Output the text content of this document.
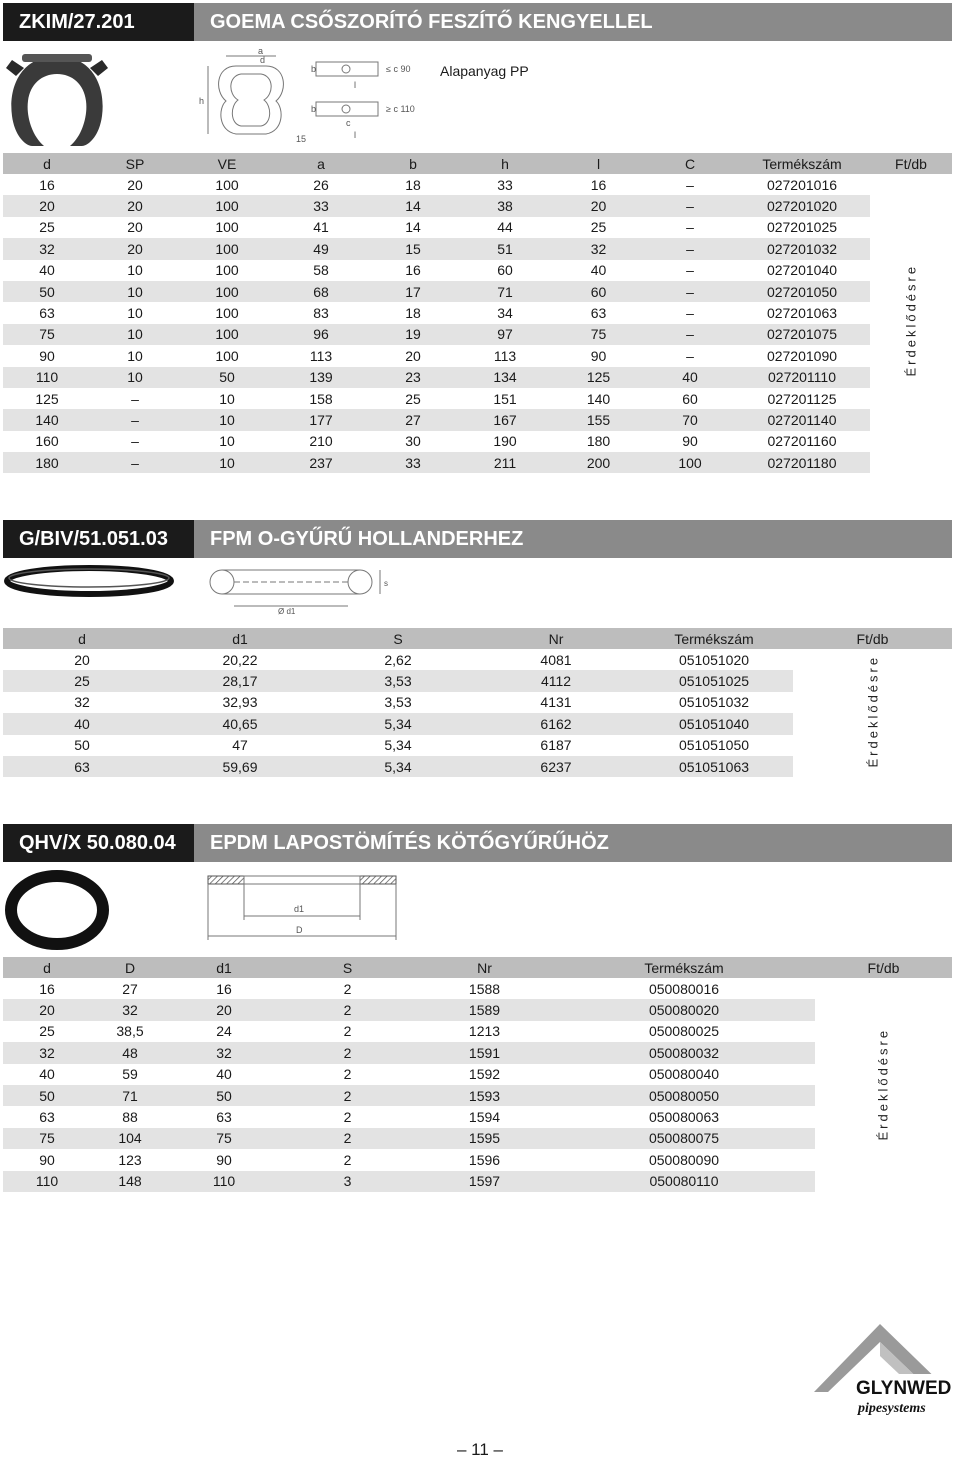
ZKIM/27.201	GOEMA CSŐSZORÍTÓ FESZÍTŐ KENGYELLEL
a
d
h
b
b
≤ c 90
≥ c 110
l
c
l
15
Alapanyag PP
d	SP	VE	a	b	h	l	C	Termékszám	Ft/db
16	20	100	26	18	33	16	–	027201016	
20	20	100	33	14	38	20	–	027201020	
25	20	100	41	14	44	25	–	027201025	
32	20	100	49	15	51	32	–	027201032	
40	10	100	58	16	60	40	–	027201040	
50	10	100	68	17	71	60	–	027201050	
63	10	100	83	18	34	63	–	027201063	
75	10	100	96	19	97	75	–	027201075	
90	10	100	113	20	113	90	–	027201090	
110	10	50	139	23	134	125	40	027201110	
125	–	10	158	25	151	140	60	027201125	
140	–	10	177	27	167	155	70	027201140	
160	–	10	210	30	190	180	90	027201160	
180	–	10	237	33	211	200	100	027201180	
Érdeklődésre
G/BIV/51.051.03	FPM O-GYŰRŰ HOLLANDERHEZ
Ø d1
s
d	d1	S	Nr	Termékszám	Ft/db
20	20,22	2,62	4081	051051020	
25	28,17	3,53	4112	051051025	
32	32,93	3,53	4131	051051032	
40	40,65	5,34	6162	051051040	
50	47	5,34	6187	051051050	
63	59,69	5,34	6237	051051063		Érdeklődésre
QHV/X 50.080.04	EPDM LAPOSTÖMÍTÉS KÖTŐGYŰRŰHÖZ
d1
D
d	D	d1	S	Nr	Termékszám	Ft/db
16	27	16	2	1588	050080016	
20	32	20	2	1589	050080020	
25	38,5	24	2	1213	050080025	
32	48	32	2	1591	050080032	
40	59	40	2	1592	050080040	
50	71	50	2	1593	050080050	
63	88	63	2	1594	050080063	
75	104	75	2	1595	050080075	
90	123	90	2	1596	050080090	
110	148	110	3	1597	050080110	
Érdeklődésre
GLYNWED
pipesystems
– 11 –
